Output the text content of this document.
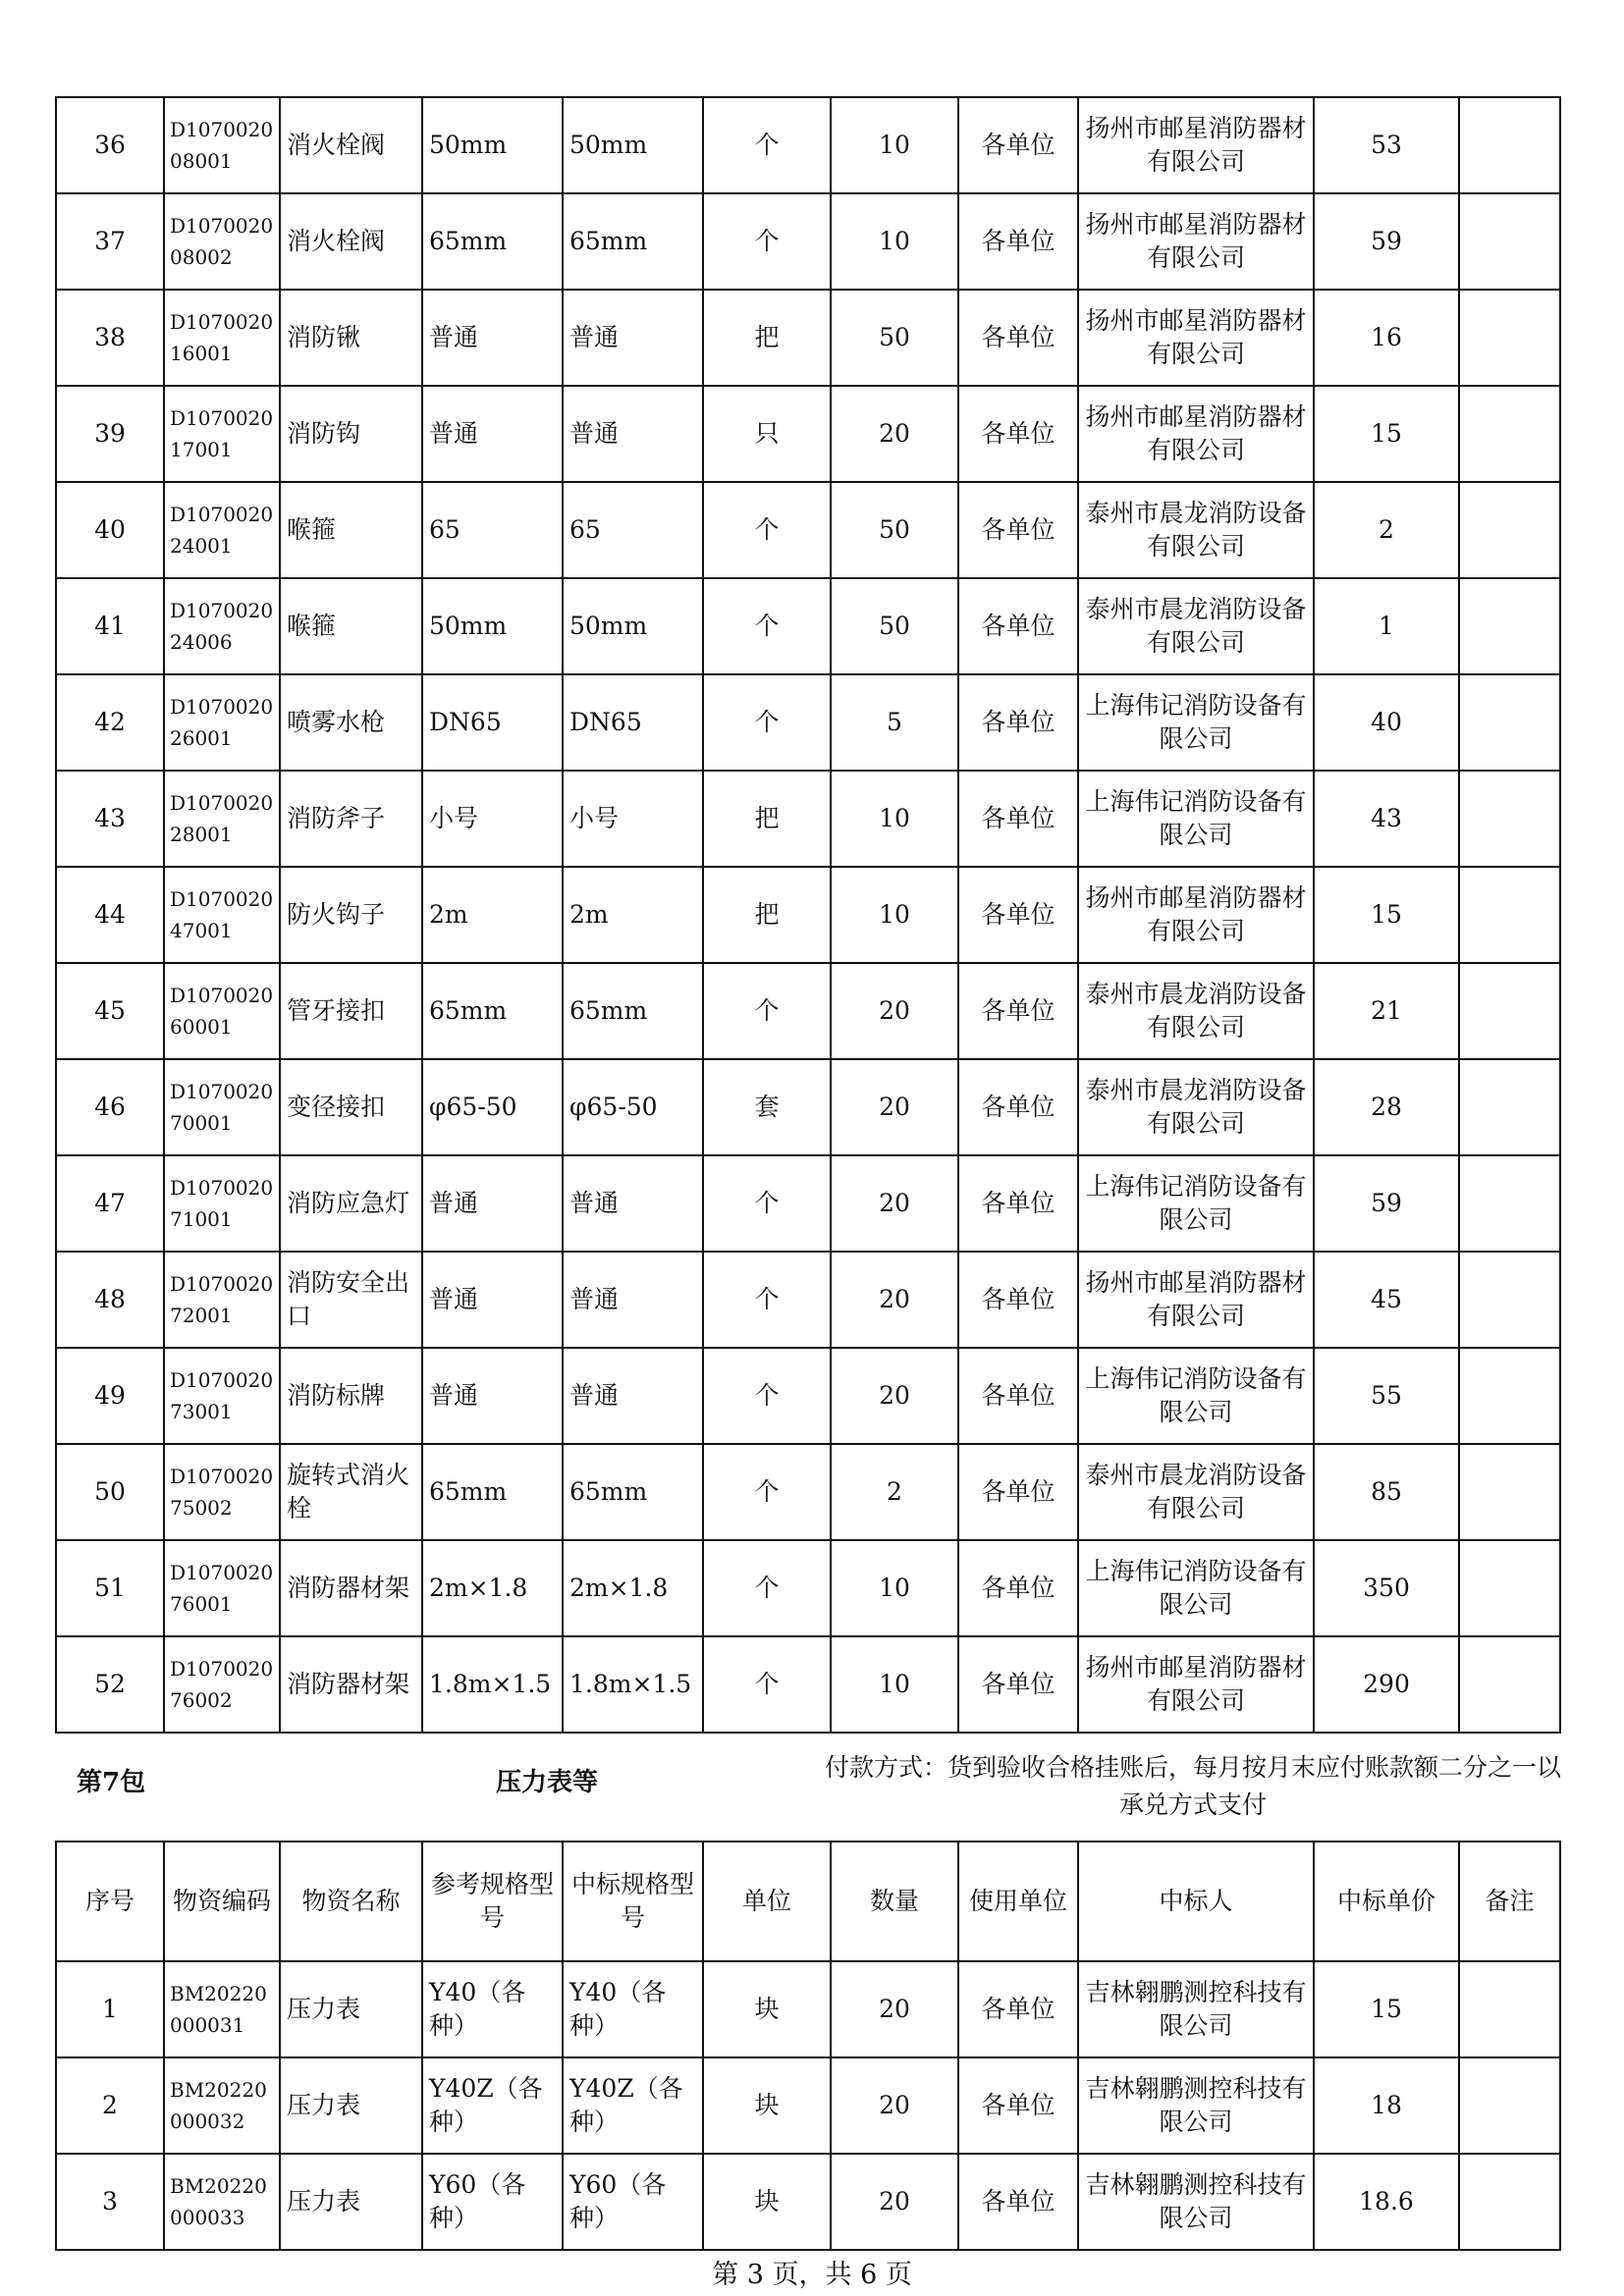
36	D107002008001	消火栓阀	50mm	50mm	个	10	各单位	扬州市邮星消防器材有限公司	53	
37	D107002008002	消火栓阀	65mm	65mm	个	10	各单位	扬州市邮星消防器材有限公司	59	
38	D107002016001	消防锹	普通	普通	把	50	各单位	扬州市邮星消防器材有限公司	16	
39	D107002017001	消防钩	普通	普通	只	20	各单位	扬州市邮星消防器材有限公司	15	
40	D107002024001	喉箍	65	65	个	50	各单位	泰州市晨龙消防设备有限公司	2	
41	D107002024006	喉箍	50mm	50mm	个	50	各单位	泰州市晨龙消防设备有限公司	1	
42	D107002026001	喷雾水枪	DN65	DN65	个	5	各单位	上海伟记消防设备有限公司	40	
43	D107002028001	消防斧子	小号	小号	把	10	各单位	上海伟记消防设备有限公司	43	
44	D107002047001	防火钩子	2m	2m	把	10	各单位	扬州市邮星消防器材有限公司	15	
45	D107002060001	管牙接扣	65mm	65mm	个	20	各单位	泰州市晨龙消防设备有限公司	21	
46	D107002070001	变径接扣	φ65-50	φ65-50	套	20	各单位	泰州市晨龙消防设备有限公司	28	
47	D107002071001	消防应急灯	普通	普通	个	20	各单位	上海伟记消防设备有限公司	59	
48	D107002072001	消防安全出口	普通	普通	个	20	各单位	扬州市邮星消防器材有限公司	45	
49	D107002073001	消防标牌	普通	普通	个	20	各单位	上海伟记消防设备有限公司	55	
50	D107002075002	旋转式消火栓	65mm	65mm	个	2	各单位	泰州市晨龙消防设备有限公司	85	
51	D107002076001	消防器材架	2m×1.8	2m×1.8	个	10	各单位	上海伟记消防设备有限公司	350	
52	D107002076002	消防器材架	1.8m×1.5	1.8m×1.5	个	10	各单位	扬州市邮星消防器材有限公司	290	
第7包	压力表等
付款方式：货到验收合格挂账后，每月按月末应付账款额二分之一以承兑方式支付
序号	物资编码	物资名称	参考规格型号	中标规格型号	单位	数量	使用单位	中标人	中标单价	备注
1	BM20220000031	压力表	Y40（各种）	Y40（各种）	块	20	各单位	吉林翱鹏测控科技有限公司	15	
2	BM20220000032	压力表	Y40Z（各种）	Y40Z（各种）	块	20	各单位	吉林翱鹏测控科技有限公司	18	
3	BM20220000033	压力表	Y60（各种）	Y60（各种）	块	20	各单位	吉林翱鹏测控科技有限公司	18.6	
第 3 页，共 6 页
